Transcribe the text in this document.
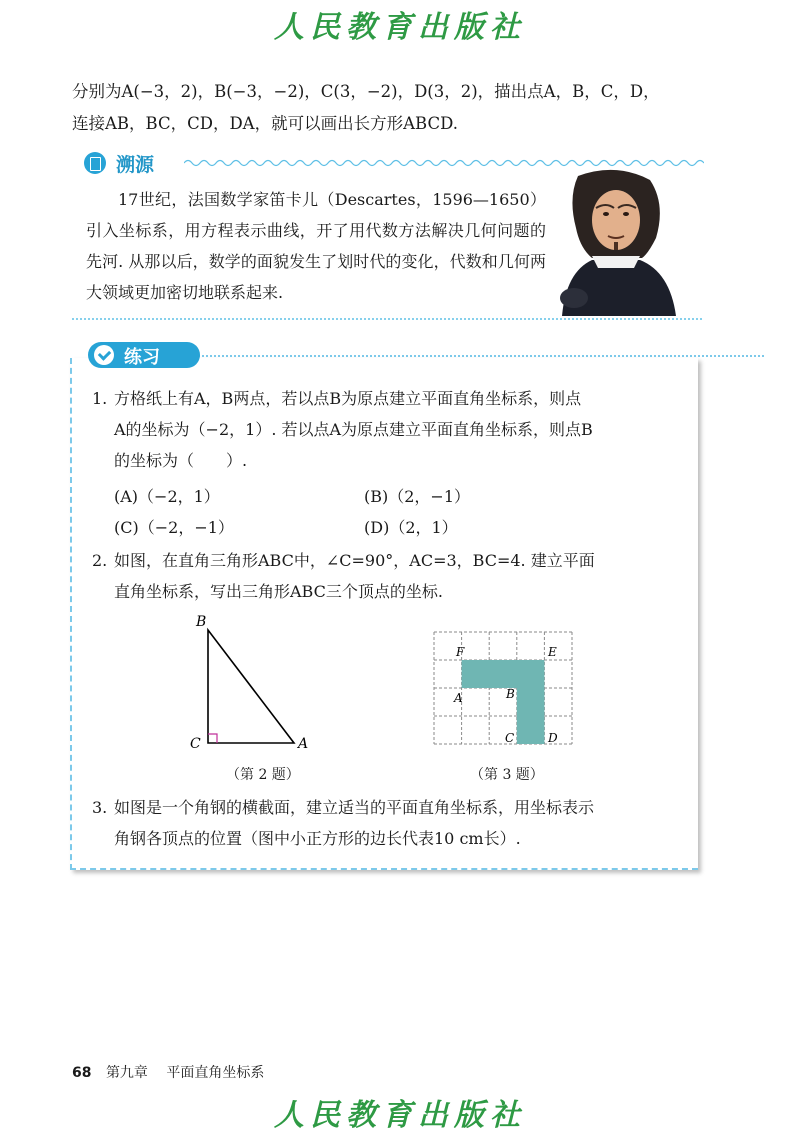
人民教育出版社

分别为A(−3，2)，B(−3，−2)，C(3，−2)，D(3，2)，描出点A，B，C，D，

连接AB，BC，CD，DA，就可以画出长方形ABCD.

溯源

17世纪，法国数学家笛卡儿（Descartes，1596—1650）引入坐标系，用方程表示曲线，开了用代数方法解决几何问题的先河. 从那以后，数学的面貌发生了划时代的变化，代数和几何两大领域更加密切地联系起来.

练习

1. 方格纸上有A，B两点，若以点B为原点建立平面直角坐标系，则点

A的坐标为（−2，1）. 若以点A为原点建立平面直角坐标系，则点B

的坐标为（　　）.

(A)（−2，1）	(B)（2，−1）
(C)（−2，−1）	(D)（2，1）

2. 如图，在直角三角形ABC中，∠C=90°，AC=3，BC=4. 建立平面

直角坐标系，写出三角形ABC三个顶点的坐标.

B
C	A
（第 2 题）
F	E
A	B
C	D
（第 3 题）

3. 如图是一个角钢的横截面，建立适当的平面直角坐标系，用坐标表示

角钢各顶点的位置（图中小正方形的边长代表10 cm长）.

68 第九章 平面直角坐标系
人民教育出版社
